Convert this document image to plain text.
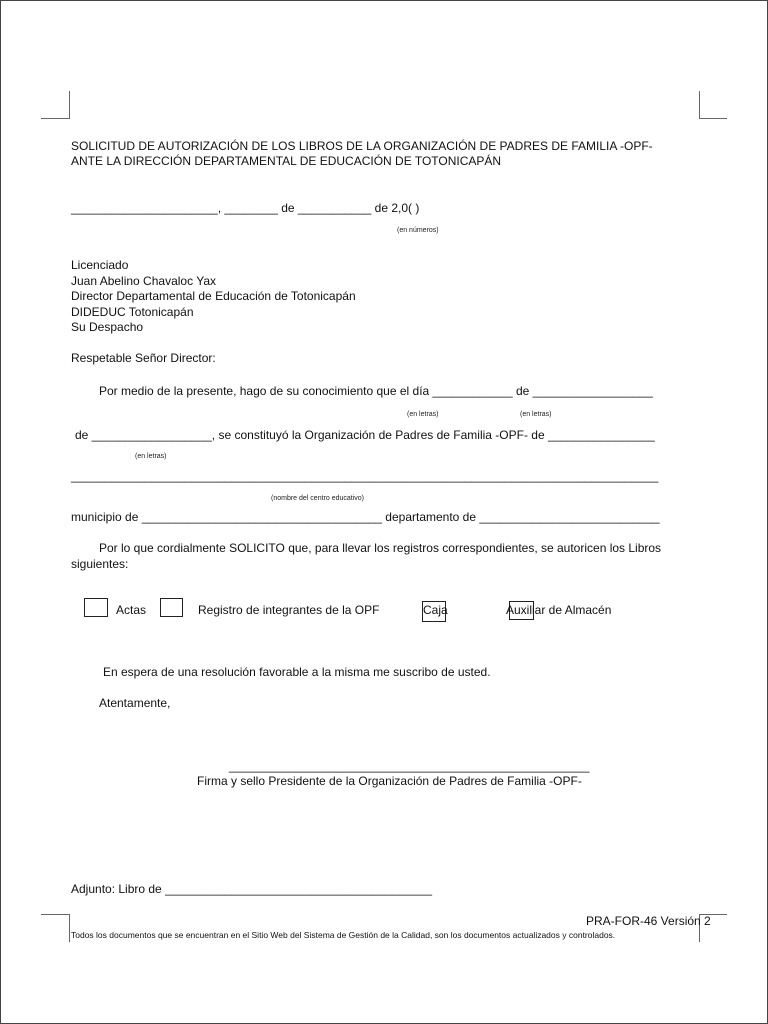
SOLICITUD DE AUTORIZACIÓN DE LOS LIBROS DE LA ORGANIZACIÓN DE PADRES DE FAMILIA -OPF-
ANTE LA DIRECCIÓN DEPARTAMENTAL DE EDUCACIÓN DE TOTONICAPÁN
______________________, ________ de ___________ de 2,0( )
(en números)
Licenciado
Juan Abelino Chavaloc Yax
Director Departamental de Educación de Totonicapán
DIDEDUC Totonicapán
Su Despacho
Respetable Señor Director:
Por medio de la presente, hago de su conocimiento que el día ____________ de __________________
(en letras)	(en letras)
de __________________, se constituyó la Organización de Padres de Familia -OPF- de ________________
(en letras)
________________________________________________________________________________________
(nombre del centro educativo)
municipio de ____________________________________ departamento de ___________________________
Por lo que cordialmente SOLICITO que, para llevar los registros correspondientes, se autoricen los Libros
siguientes:
Actas	Registro de integrantes de la OPF	Caja	Auxiliar de Almacén
En espera de una resolución favorable a la misma me suscribo de usted.
Atentamente,
______________________________________________________
Firma y sello Presidente de la Organización de Padres de Familia -OPF-
Adjunto: Libro de ________________________________________
PRA-FOR-46 Versión 2
Todos los documentos que se encuentran en el Sitio Web del Sistema de Gestión de la Calidad, son los documentos actualizados y controlados.
